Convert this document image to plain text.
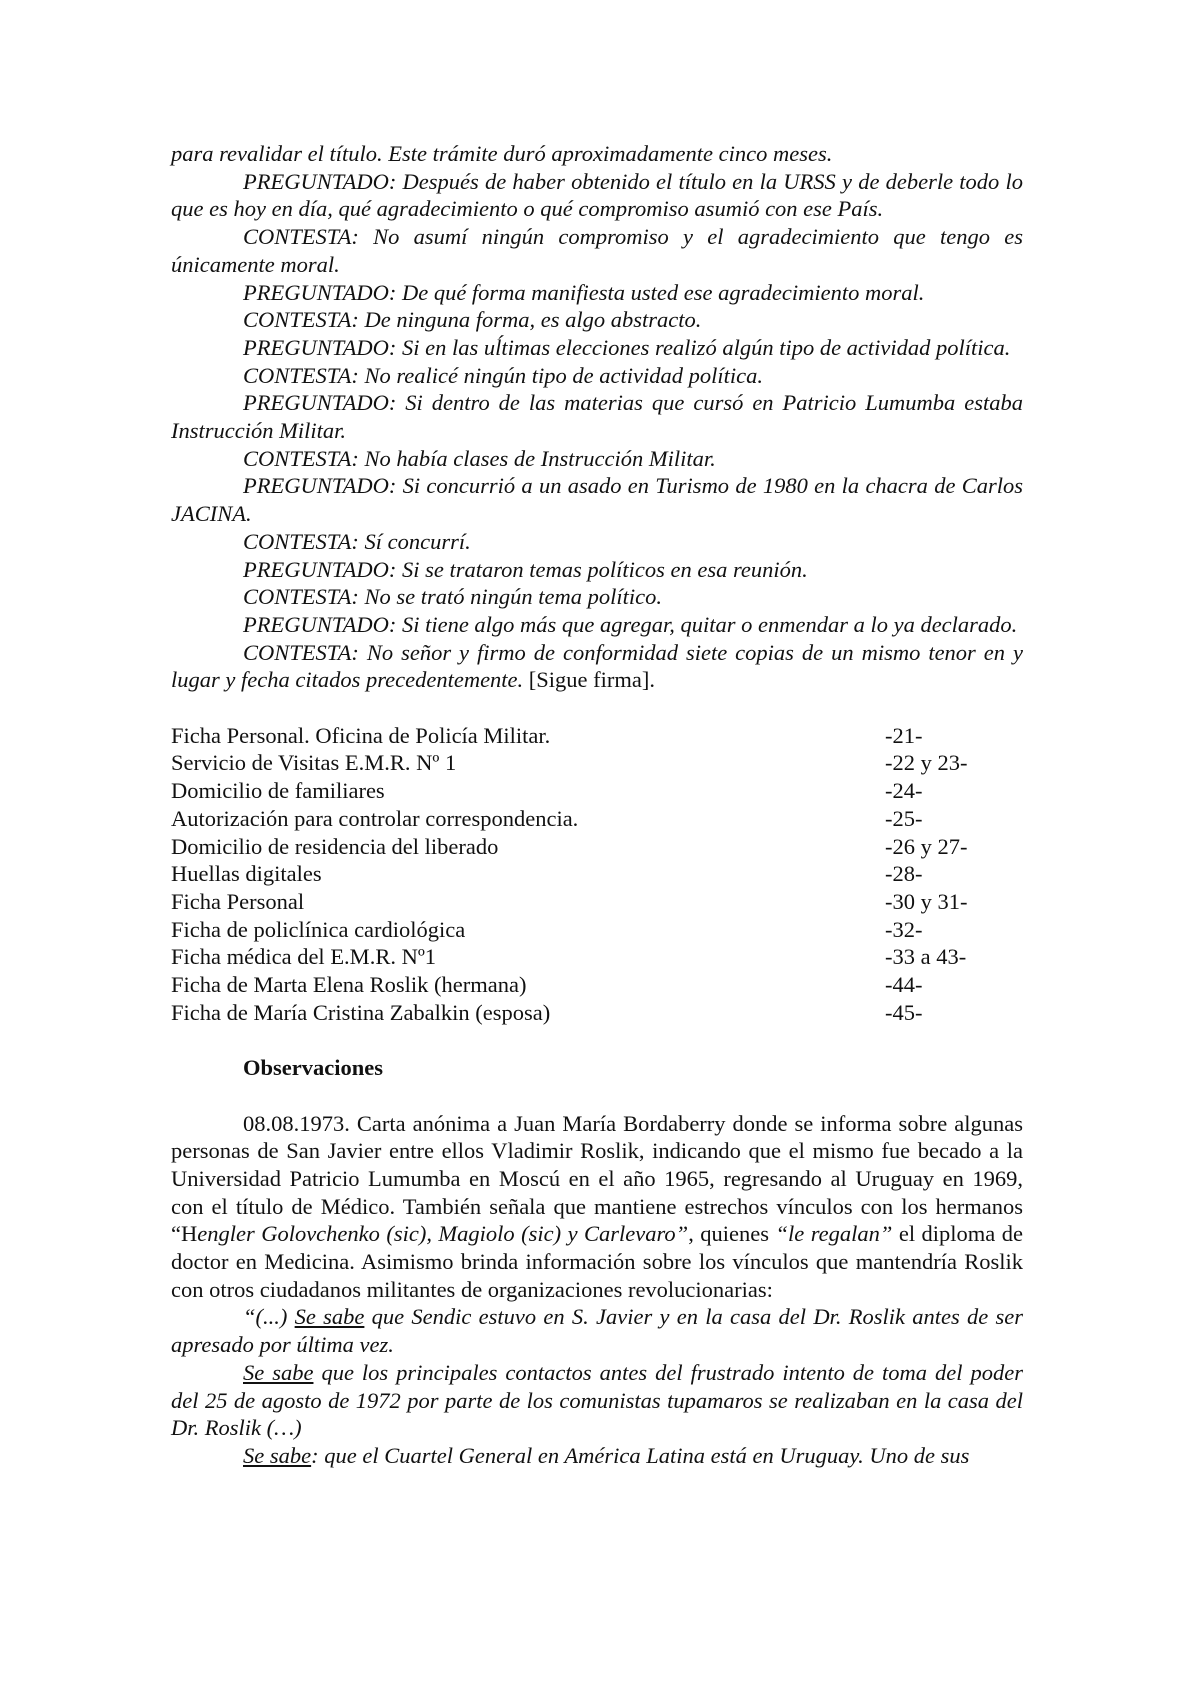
para revalidar el título. Este trámite duró aproximadamente cinco meses.

PREGUNTADO: Después de haber obtenido el título en la URSS y de deberle todo lo que es hoy en día, qué agradecimiento o qué compromiso asumió con ese País.

CONTESTA: No asumí ningún compromiso y el agradecimiento que tengo es únicamente moral.

PREGUNTADO: De qué forma manifiesta usted ese agradecimiento moral.

CONTESTA: De ninguna forma, es algo abstracto.

PREGUNTADO: Si en las uĺtimas elecciones realizó algún tipo de actividad política.

CONTESTA: No realicé ningún tipo de actividad política.

PREGUNTADO: Si dentro de las materias que cursó en Patricio Lumumba estaba Instrucción Militar.

CONTESTA: No había clases de Instrucción Militar.

PREGUNTADO: Si concurrió a un asado en Turismo de 1980 en la chacra de Carlos JACINA.

CONTESTA: Sí concurrí.

PREGUNTADO: Si se trataron temas políticos en esa reunión.

CONTESTA: No se trató ningún tema político.

PREGUNTADO: Si tiene algo más que agregar, quitar o enmendar a lo ya declarado.

CONTESTA: No señor y firmo de conformidad siete copias de un mismo tenor en y lugar y fecha citados precedentemente. [Sigue firma].

Ficha Personal. Oficina de Policía Militar.	-21-
Servicio de Visitas E.M.R. Nº 1	-22 y 23-
Domicilio de familiares	-24-
Autorización para controlar correspondencia.	-25-
Domicilio de residencia del liberado	-26 y 27-
Huellas digitales	-28-
Ficha Personal	-30 y 31-
Ficha de policlínica cardiológica	-32-
Ficha médica del E.M.R. Nº1	-33 a 43-
Ficha de Marta Elena Roslik (hermana)	-44-
Ficha de María Cristina Zabalkin (esposa)	-45-

Observaciones

08.08.1973. Carta anónima a Juan María Bordaberry donde se informa sobre algunas personas de San Javier entre ellos Vladimir Roslik, indicando que el mismo fue becado a la Universidad Patricio Lumumba en Moscú en el año 1965, regresando al Uruguay en 1969, con el título de Médico. También señala que mantiene estrechos vínculos con los hermanos “Hengler Golovchenko (sic), Magiolo (sic) y Carlevaro”, quienes “le regalan” el diploma de doctor en Medicina. Asimismo brinda información sobre los vínculos que mantendría Roslik con otros ciudadanos militantes de organizaciones revolucionarias:

“(...) Se sabe que Sendic estuvo en S. Javier y en la casa del Dr. Roslik antes de ser apresado por última vez.

Se sabe que los principales contactos antes del frustrado intento de toma del poder del 25 de agosto de 1972 por parte de los comunistas tupamaros se realizaban en la casa del Dr. Roslik (…)

Se sabe: que el Cuartel General en América Latina está en Uruguay. Uno de sus
